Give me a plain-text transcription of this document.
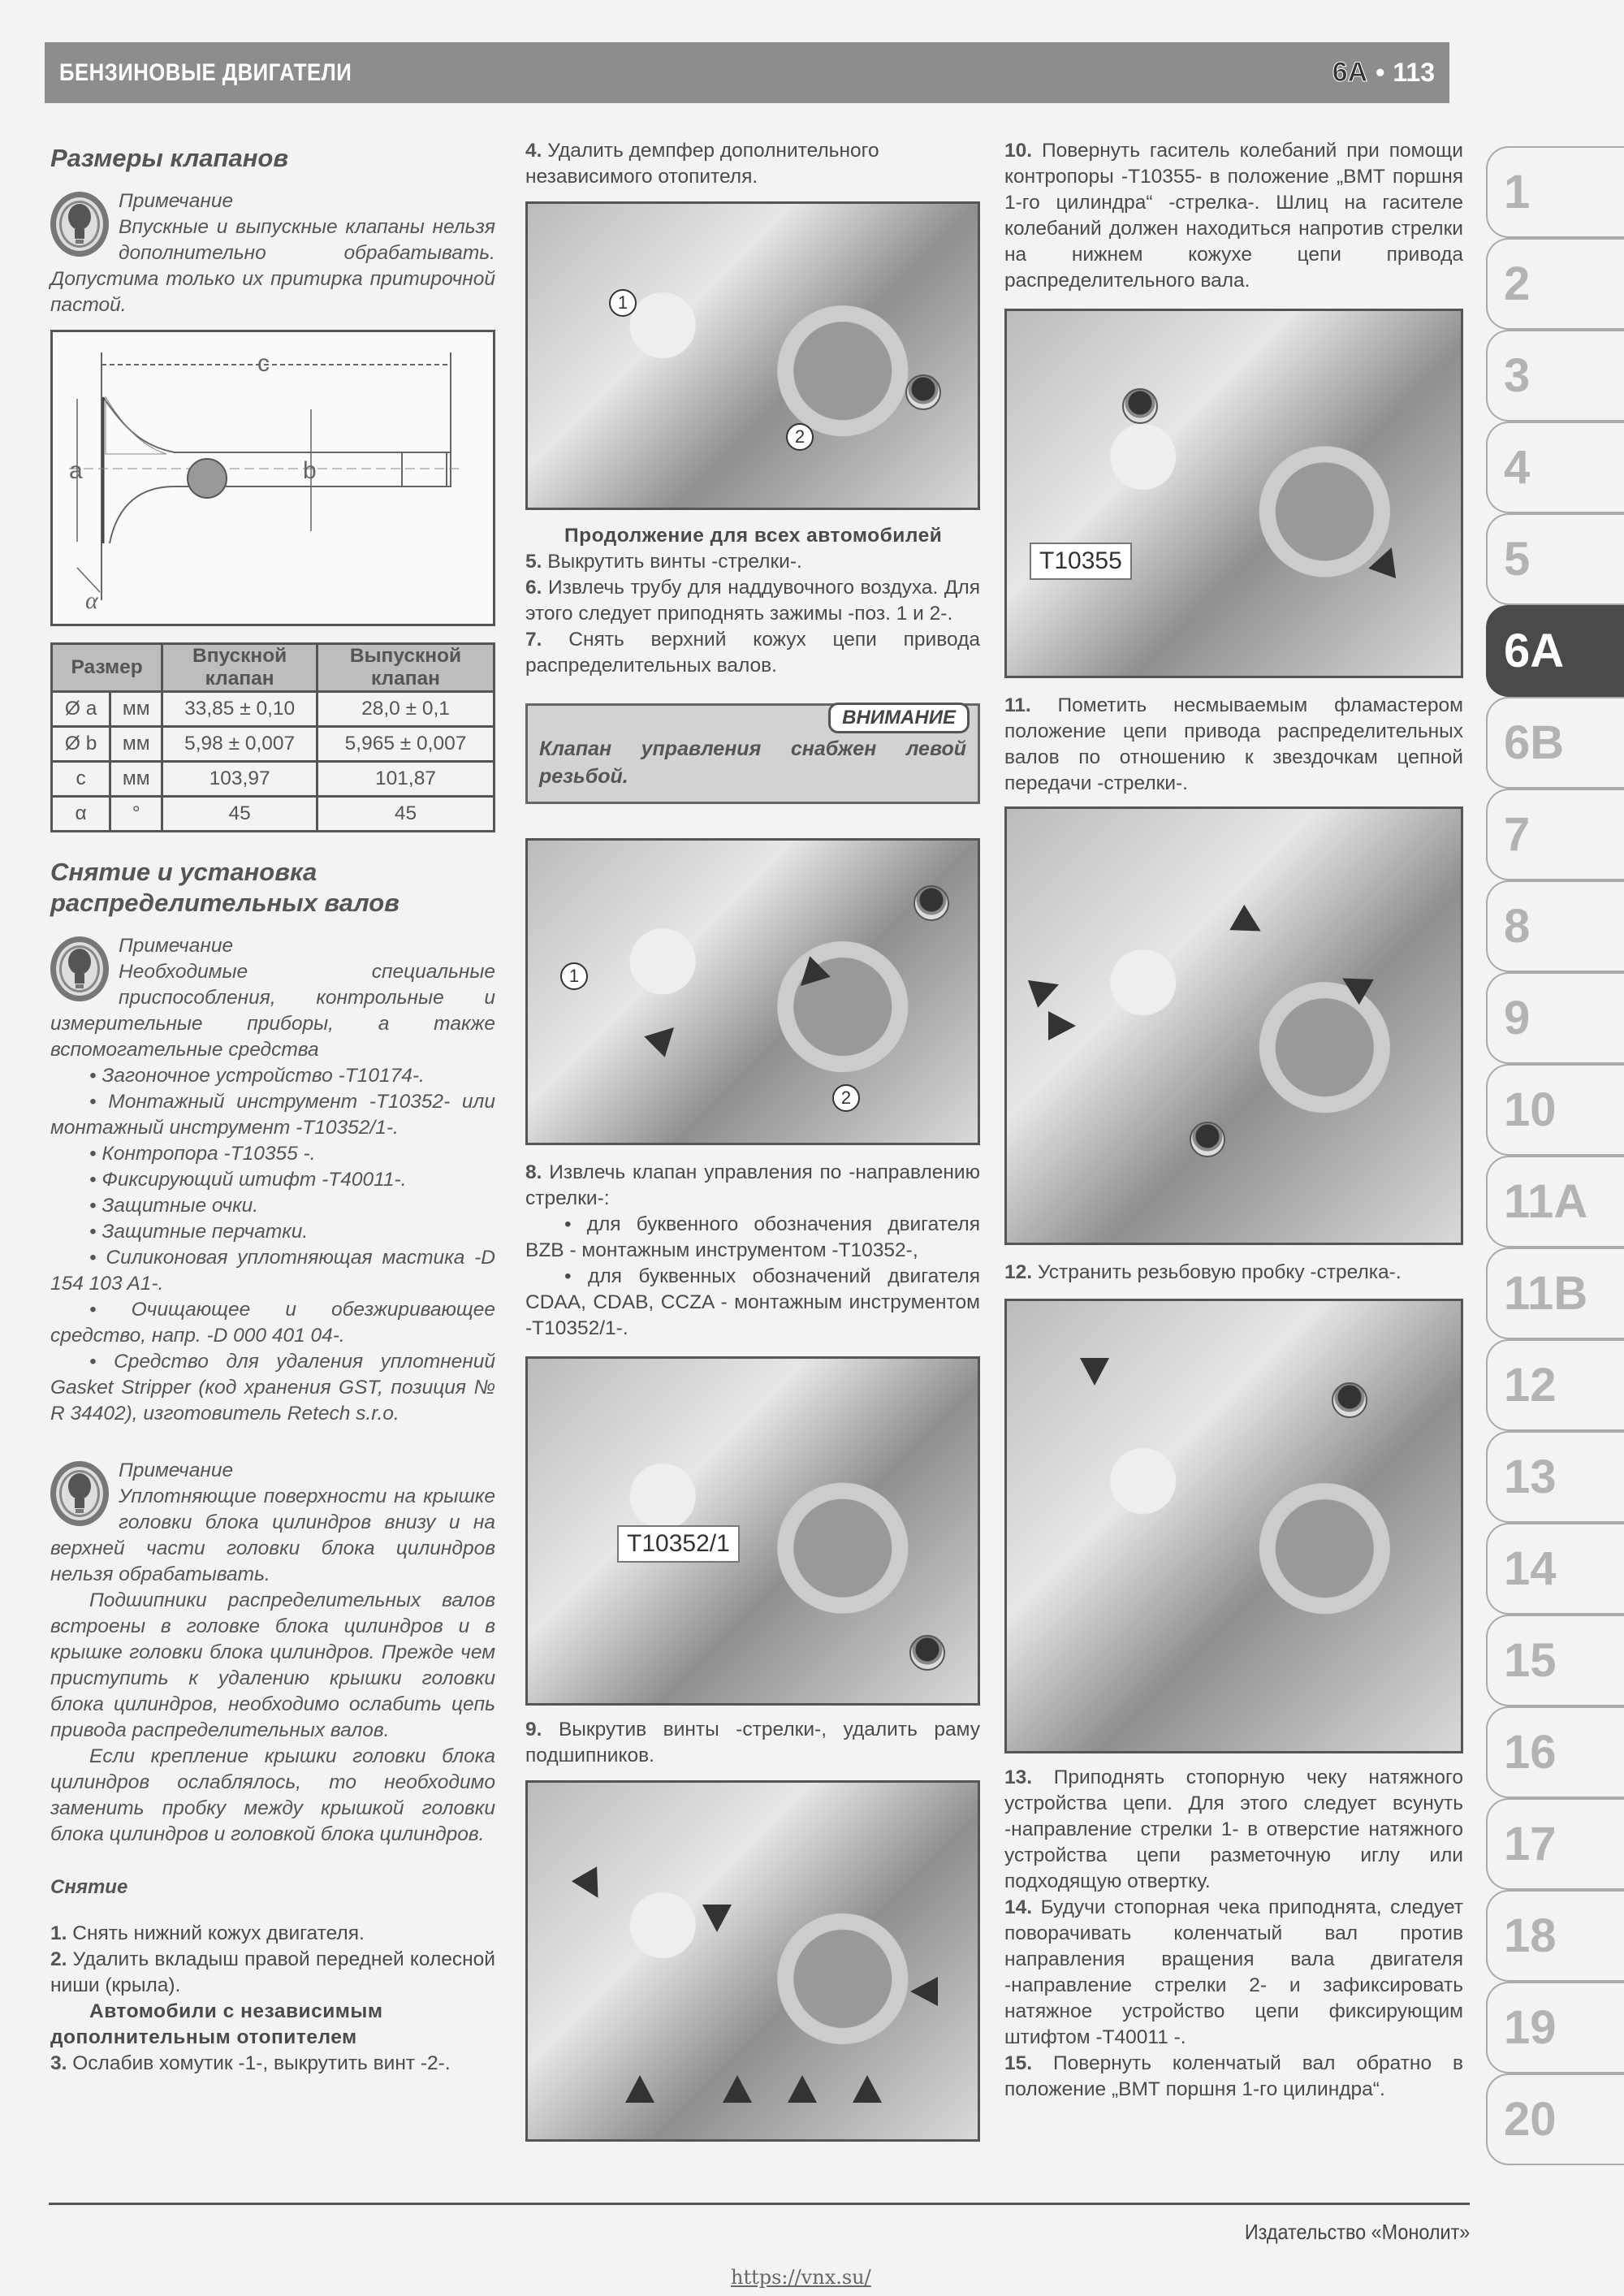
БЕНЗИНОВЫЕ ДВИГАТЕЛИ	6A • 113
Размеры клапанов
Примечание
Впускные и выпускные клапаны нельзя дополнительно обрабатывать. Допустима только их притирка притирочной пастой.
c
a	b
α
Размер		Впускной клапан	Выпускной клапан
Ø a	мм	33,85 ± 0,10	28,0 ± 0,1
Ø b	мм	5,98 ± 0,007	5,965 ± 0,007
c	мм	103,97	101,87
α	°	45	45
Снятие и установка распределительных валов
Примечание
Необходимые специальные приспособления, контрольные и измерительные приборы, а также вспомогательные средства
• Загоночное устройство -T10174-.
• Монтажный инструмент -T10352- или монтажный инструмент -T10352/1-.
• Контропора -T10355 -.
• Фиксирующий штифт -T40011-.
• Защитные очки.
• Защитные перчатки.
• Силиконовая уплотняющая мастика -D 154 103 A1-.
• Очищающее и обезжиривающее средство, напр. -D 000 401 04-.
• Средство для удаления уплотнений Gasket Stripper (код хранения GST, позиция № R 34402), изготовитель Retech s.r.o.
Примечание
Уплотняющие поверхности на крышке головки блока цилиндров внизу и на верхней части головки блока цилиндров нельзя обрабатывать.
Подшипники распределительных валов встроены в головке блока цилиндров и в крышке головки блока цилиндров. Прежде чем приступить к удалению крышки головки блока цилиндров, необходимо ослабить цепь привода распределительных валов.
Если крепление крышки головки блока цилиндров ослаблялось, то необходимо заменить пробку между крышкой головки блока цилиндров и головкой блока цилиндров.
Снятие
1. Снять нижний кожух двигателя.
2. Удалить вкладыш правой передней колесной ниши (крыла).
Автомобили с независимым дополнительным отопителем
3. Ослабив хомутик -1-, выкрутить винт -2-.
4. Удалить демпфер дополнительного независимого отопителя.
1
2
Продолжение для всех автомобилей
5. Выкрутить винты -стрелки-.
6. Извлечь трубу для наддувочного воздуха. Для этого следует приподнять зажимы -поз. 1 и 2-.
7. Снять верхний кожух цепи привода распределительных валов.
ВНИМАНИЕ
Клапан управления снабжен левой резьбой.
1
2
8. Извлечь клапан управления по -направлению стрелки-:
• для буквенного обозначения двигателя BZB - монтажным инструментом -T10352-,
• для буквенных обозначений двигателя CDAA, CDAB, CCZA - монтажным инструментом -T10352/1-.
T10352/1
9. Выкрутив винты -стрелки-, удалить раму подшипников.
10. Повернуть гаситель колебаний при помощи контропоры -T10355- в положение „ВМТ поршня 1-го цилиндра“ -стрелка-. Шлиц на гасителе колебаний должен находиться напротив стрелки на нижнем кожухе цепи привода распределительного вала.
T10355
11. Пометить несмываемым фламастером положение цепи привода распределительных валов по отношению к звездочкам цепной передачи -стрелки-.
12. Устранить резьбовую пробку -стрелка-.
13. Приподнять стопорную чеку натяжного устройства цепи. Для этого следует всунуть -направление стрелки 1- в отверстие натяжного устройства цепи разметочную иглу или подходящую отвертку.
14. Будучи стопорная чека приподнята, следует поворачивать коленчатый вал против направления вращения вала двигателя -направление стрелки 2- и зафиксировать натяжное устройство цепи фиксирующим штифтом -T40011 -.
15. Повернуть коленчатый вал обратно в положение „ВМТ поршня 1-го цилиндра“.
1
2
3
4
5
6A
6B
7
8
9
10
11A
11B
12
13
14
15
16
17
18
19
20
Издательство «Монолит»
https://vnx.su/
